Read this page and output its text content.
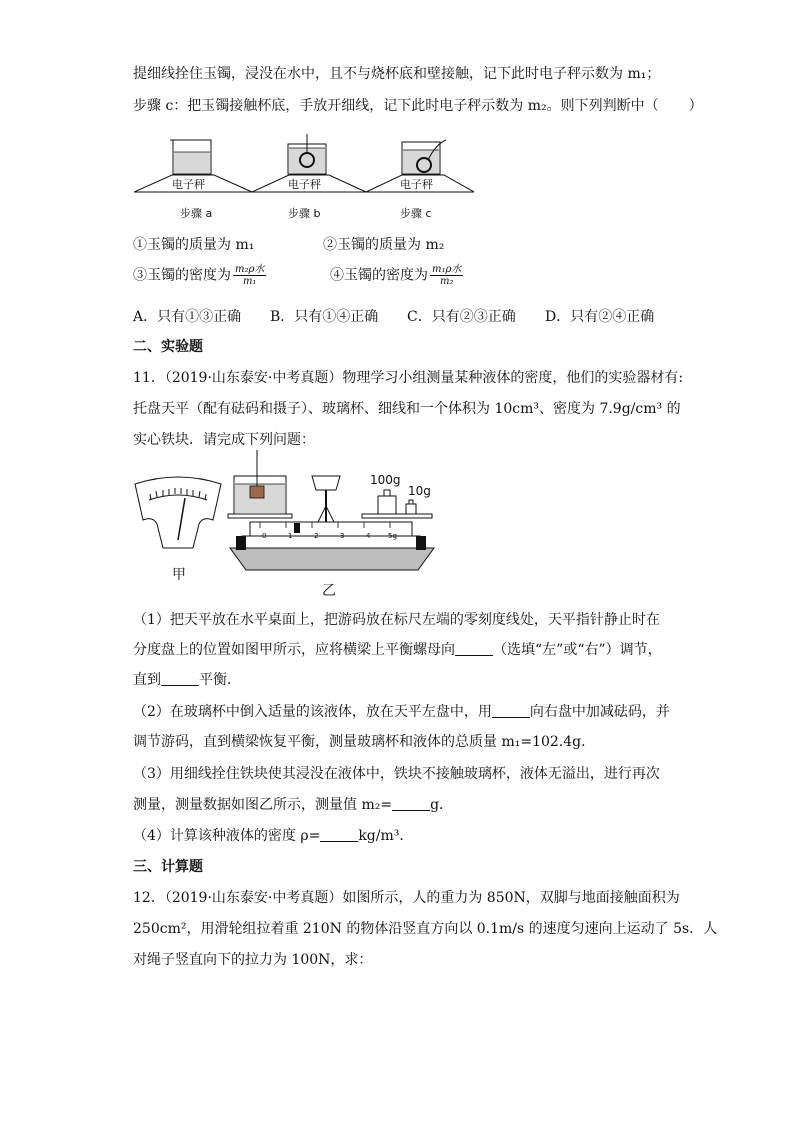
提细线拴住玉镯，浸没在水中，且不与烧杯底和壁接触，记下此时电子秤示数为 m₁；
步骤 c：把玉镯接触杯底，手放开细线，记下此时电子秤示数为 m₂。则下列判断中（ ）
电子秤	电子秤	电子秤
步骤 a	步骤 b	步骤 c
①玉镯的质量为 m₁	②玉镯的质量为 m₂
③玉镯的密度为 $\frac{\text{m₂ρ水}}{\text{m₁}}$	④玉镯的密度为 $\frac{\text{m₁ρ水}}{\text{m₂}}$
A．只有①③正确 B．只有①④正确 C．只有②③正确 D．只有②④正确
二、实验题
11．（2019·山东泰安·中考真题）物理学习小组测量某种液体的密度，他们的实验器材有:
托盘天平（配有砝码和摄子）、玻璃杯、细线和一个体积为 10cm³、密度为 7.9g/cm³ 的
实心铁块．请完成下列问题：
甲
100g
10g
0	1	2	3	4	5g
乙
（1）把天平放在水平桌面上，把游码放在标尺左端的零刻度线处，天平指针静止时在
分度盘上的位置如图甲所示，应将横梁上平衡螺母向	（选填“左”或“右”）调节，
直到	平衡．
（2）在玻璃杯中倒入适量的该液体，放在天平左盘中，用	向右盘中加减砝码，并
调节游码，直到横梁恢复平衡，测量玻璃杯和液体的总质量 m₁=102.4g．
（3）用细线拴住铁块使其浸没在液体中，铁块不接触玻璃杯，液体无溢出，进行再次
测量，测量数据如图乙所示，测量值 m₂=	g．
（4）计算该种液体的密度 ρ=	kg/m³．
三、计算题
12．（2019·山东泰安·中考真题）如图所示，人的重力为 850N，双脚与地面接触面积为
250cm²，用滑轮组拉着重 210N 的物体沿竖直方向以 0.1m/s 的速度匀速向上运动了 5s．人
对绳子竖直向下的拉力为 100N，求：
